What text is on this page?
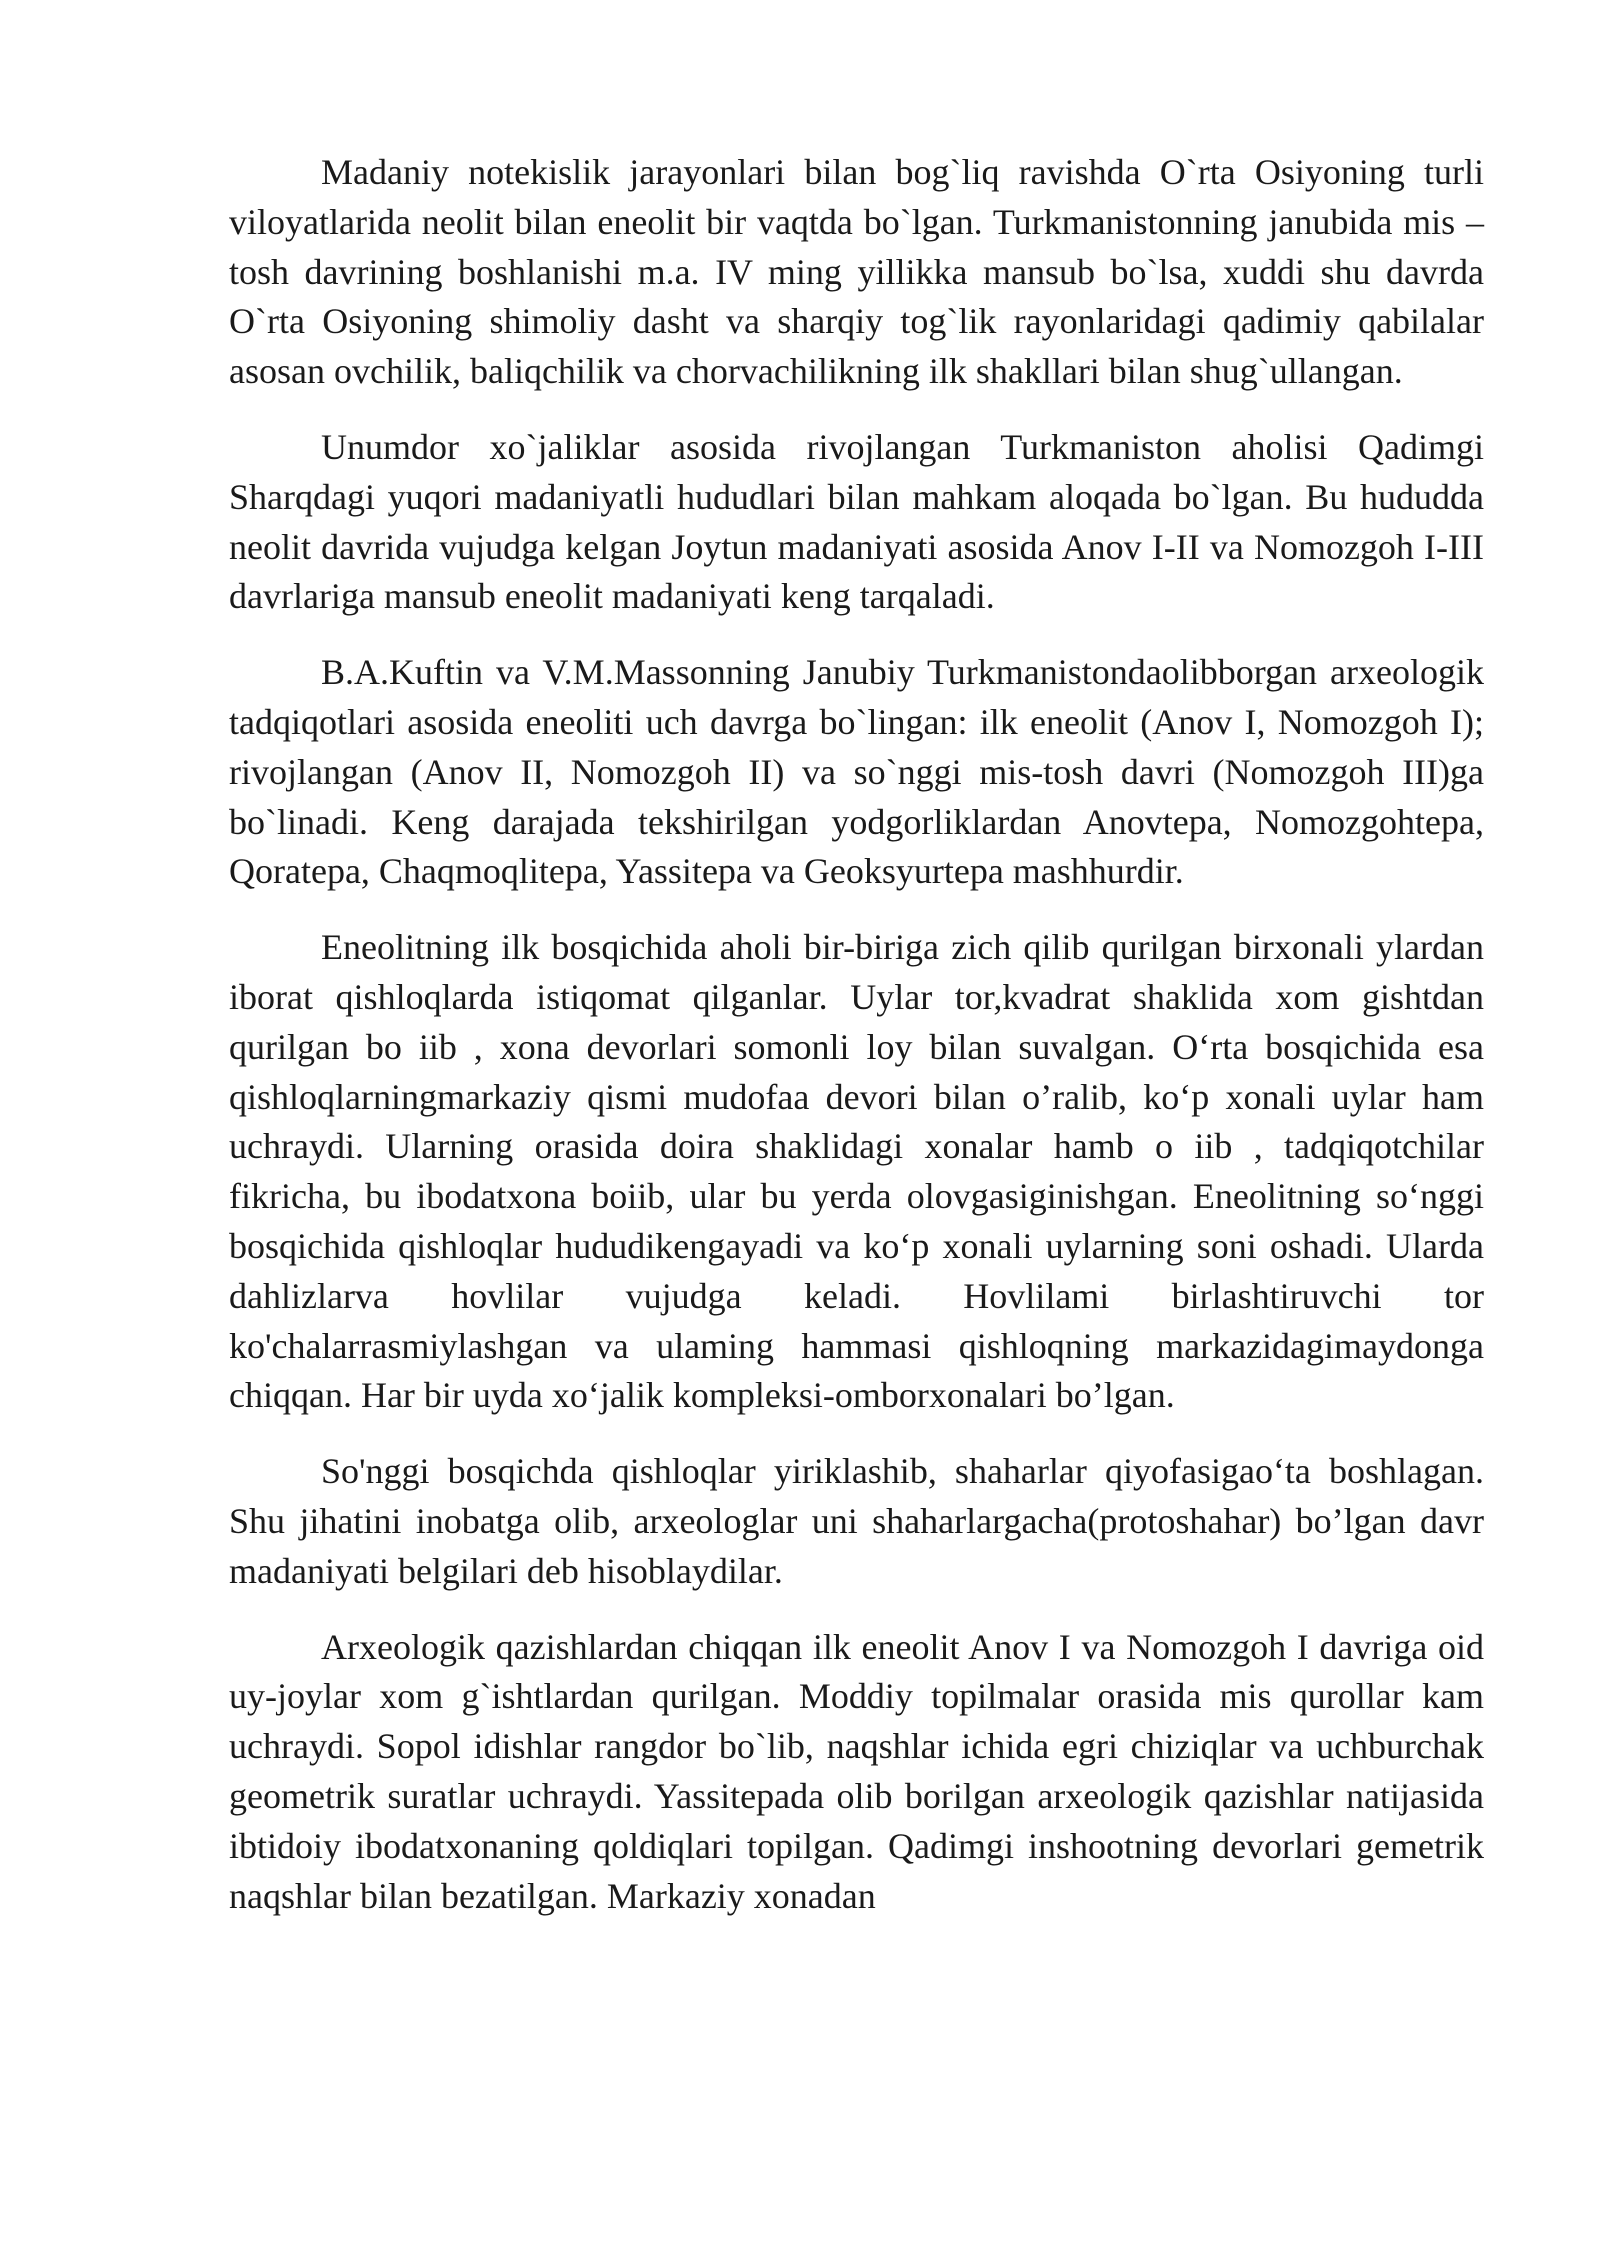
Madaniy notekislik jarayonlari bilan bog`liq ravishda O`rta Osiyoning turli viloyatlarida neolit bilan eneolit bir vaqtda bo`lgan. Turkmanistonning janubida mis – tosh davrining boshlanishi m.a. IV ming yillikka mansub bo`lsa, xuddi shu davrda O`rta Osiyoning shimoliy dasht va sharqiy tog`lik rayonlaridagi qadimiy qabilalar asosan ovchilik, baliqchilik va chorvachilikning ilk shakllari bilan shug`ullangan.

Unumdor xo`jaliklar asosida rivojlangan Turkmaniston aholisi Qadimgi Sharqdagi yuqori madaniyatli hududlari bilan mahkam aloqada bo`lgan. Bu hududda neolit davrida vujudga kelgan Joytun madaniyati asosida Anov I-II va Nomozgoh I-III davrlariga mansub eneolit madaniyati keng tarqaladi.

B.A.Kuftin va V.M.Massonning Janubiy Turkmanistondaolibborgan arxeologik tadqiqotlari asosida eneoliti uch davrga bo`lingan: ilk eneolit (Anov I, Nomozgoh I); rivojlangan (Anov II, Nomozgoh II) va so`nggi mis-tosh davri (Nomozgoh III)ga bo`linadi. Keng darajada tekshirilgan yodgorliklardan Anovtepa, Nomozgohtepa, Qoratepa, Chaqmoqlitepa, Yassitepa va Geoksyurtepa mashhurdir.

Eneolitning ilk bosqichida aholi bir-biriga zich qilib qurilgan birxonali ylardan iborat qishloqlarda istiqomat qilganlar. Uylar tor,kvadrat shaklida xom gishtdan qurilgan bo iib , xona devorlari somonli loy bilan suvalgan. O‘rta bosqichida esa qishloqlarningmarkaziy qismi mudofaa devori bilan o’ralib, ko‘p xonali uylar ham uchraydi. Ularning orasida doira shaklidagi xonalar hamb o iib , tadqiqotchilar fikricha, bu ibodatxona boiib, ular bu yerda olovgasiginishgan. Eneolitning so‘nggi bosqichida qishloqlar hududikengayadi va ko‘p xonali uylarning soni oshadi. Ularda dahlizlarva hovlilar vujudga keladi. Hovlilami birlashtiruvchi tor ko'chalarrasmiylashgan va ulaming hammasi qishloqning markazidagimaydonga chiqqan. Har bir uyda xo‘jalik kompleksi-omborxonalari bo’lgan.

So'nggi bosqichda qishloqlar yiriklashib, shaharlar qiyofasigao‘ta boshlagan. Shu jihatini inobatga olib, arxeologlar uni shaharlargacha(protoshahar) bo’lgan davr madaniyati belgilari deb hisoblaydilar.

Arxeologik qazishlardan chiqqan ilk eneolit Anov I va Nomozgoh I davriga oid uy-joylar xom g`ishtlardan qurilgan. Moddiy topilmalar orasida mis qurollar kam uchraydi. Sopol idishlar rangdor bo`lib, naqshlar ichida egri chiziqlar va uchburchak geometrik suratlar uchraydi. Yassitepada olib borilgan arxeologik qazishlar natijasida ibtidoiy ibodatxonaning qoldiqlari topilgan. Qadimgi inshootning devorlari gemetrik naqshlar bilan bezatilgan. Markaziy xonadan
